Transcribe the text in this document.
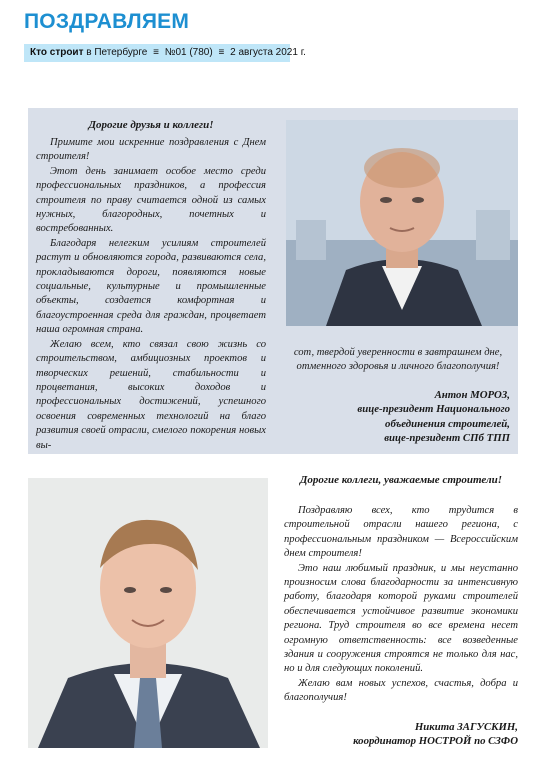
ПОЗДРАВЛЯЕМ
Кто строит в Петербурге ≡ №01 (780) ≡ 2 августа 2021 г.
Дорогие друзья и коллеги!

Примите мои искренние поздравления с Днем строителя!

Этот день занимает особое место среди профессиональных праздников, а профессия строителя по праву считается одной из самых нужных, благородных, почетных и востребованных.

Благодаря нелегким усилиям строителей растут и обновляются города, развиваются села, прокладываются дороги, появляются новые социальные, культурные и промышленные объекты, создается комфортная и благоустроенная среда для граждан, процветает наша огромная страна.

Желаю всем, кто связал свою жизнь со строительством, амбициозных проектов и творческих решений, стабильности и процветания, высоких доходов и профессиональных достижений, успешного освоения современных технологий на благо развития своей отрасли, смелого покорения новых вы-

сот, твердой уверенности в завтрашнем дне, отменного здоровья и личного благополучия!

Антон МОРОЗ,
вице-президент Национального
объединения строителей,
вице-президент СПб ТПП
Дорогие коллеги, уважаемые строители!

Поздравляю всех, кто трудится в строительной отрасли нашего региона, с профессиональным праздником — Всероссийским днем строителя!

Это наш любимый праздник, и мы неустанно произносим слова благодарности за интенсивную работу, благодаря которой руками строителей обеспечивается устойчивое развитие экономики региона. Труд строителя во все времена несет огромную ответственность: все возведенные здания и сооружения строятся не только для нас, но и для следующих поколений.

Желаю вам новых успехов, счастья, добра и благополучия!

Никита ЗАГУСКИН,
координатор НОСТРОЙ по СЗФО
